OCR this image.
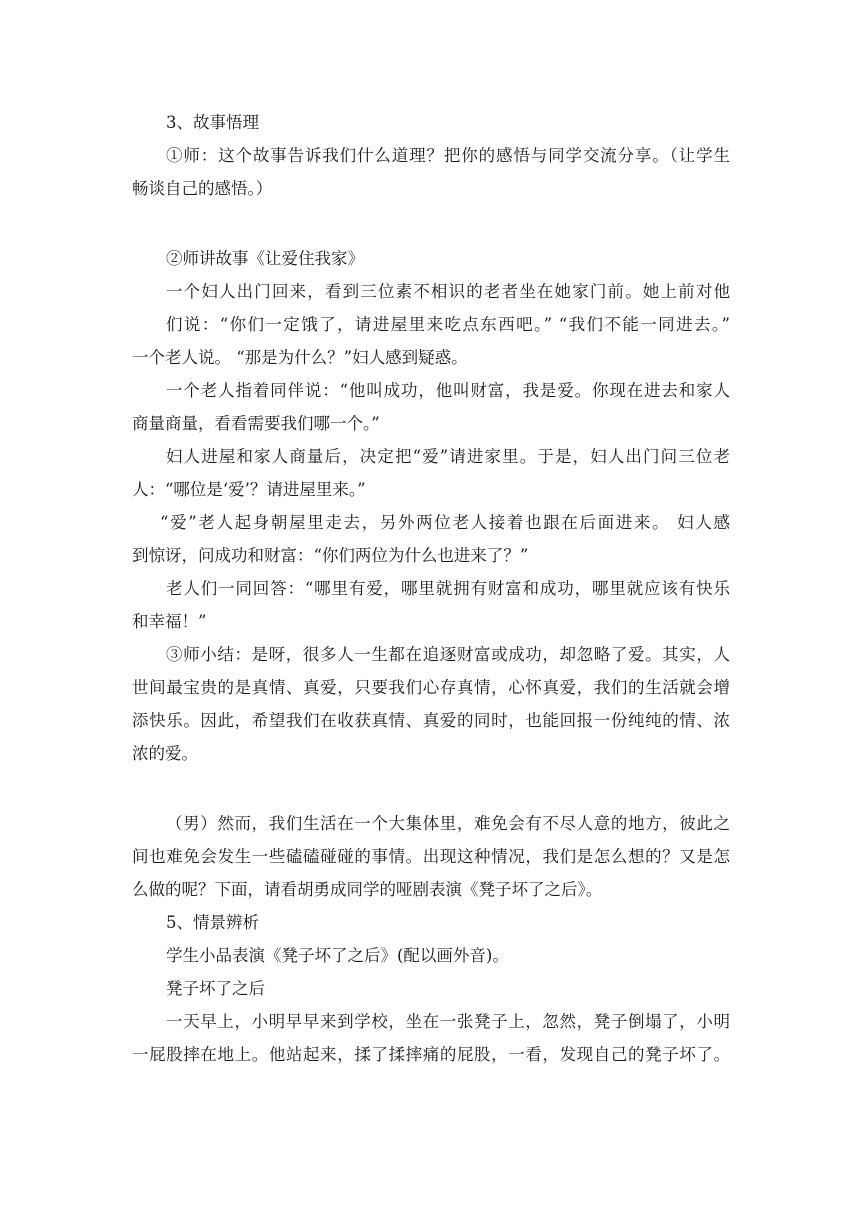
3、故事悟理
①师：这个故事告诉我们什么道理？把你的感悟与同学交流分享。（让学生
畅谈自己的感悟。）
②师讲故事《让爱住我家》
一个妇人出门回来，看到三位素不相识的老者坐在她家门前。她上前对他
们说：“你们一定饿了，请进屋里来吃点东西吧。” “我们不能一同进去。”
一个老人说。 “那是为什么？”妇人感到疑惑。
一个老人指着同伴说：“他叫成功，他叫财富，我是爱。你现在进去和家人
商量商量，看看需要我们哪一个。”
妇人进屋和家人商量后，决定把“爱”请进家里。于是，妇人出门问三位老
人：“哪位是‘爱’？请进屋里来。”
“爱”老人起身朝屋里走去，另外两位老人接着也跟在后面进来。 妇人感
到惊讶，问成功和财富：“你们两位为什么也进来了？”
老人们一同回答：“哪里有爱，哪里就拥有财富和成功，哪里就应该有快乐
和幸福！”
③师小结：是呀，很多人一生都在追逐财富或成功，却忽略了爱。其实，人
世间最宝贵的是真情、真爱，只要我们心存真情，心怀真爱，我们的生活就会增
添快乐。因此，希望我们在收获真情、真爱的同时，也能回报一份纯纯的情、浓
浓的爱。
（男）然而，我们生活在一个大集体里，难免会有不尽人意的地方，彼此之
间也难免会发生一些磕磕碰碰的事情。出现这种情况，我们是怎么想的？又是怎
么做的呢？下面，请看胡勇成同学的哑剧表演《凳子坏了之后》。
5、情景辨析
学生小品表演《凳子坏了之后》(配以画外音)。
凳子坏了之后
一天早上，小明早早来到学校，坐在一张凳子上，忽然，凳子倒塌了，小明
一屁股摔在地上。他站起来，揉了揉摔痛的屁股，一看，发现自己的凳子坏了。
